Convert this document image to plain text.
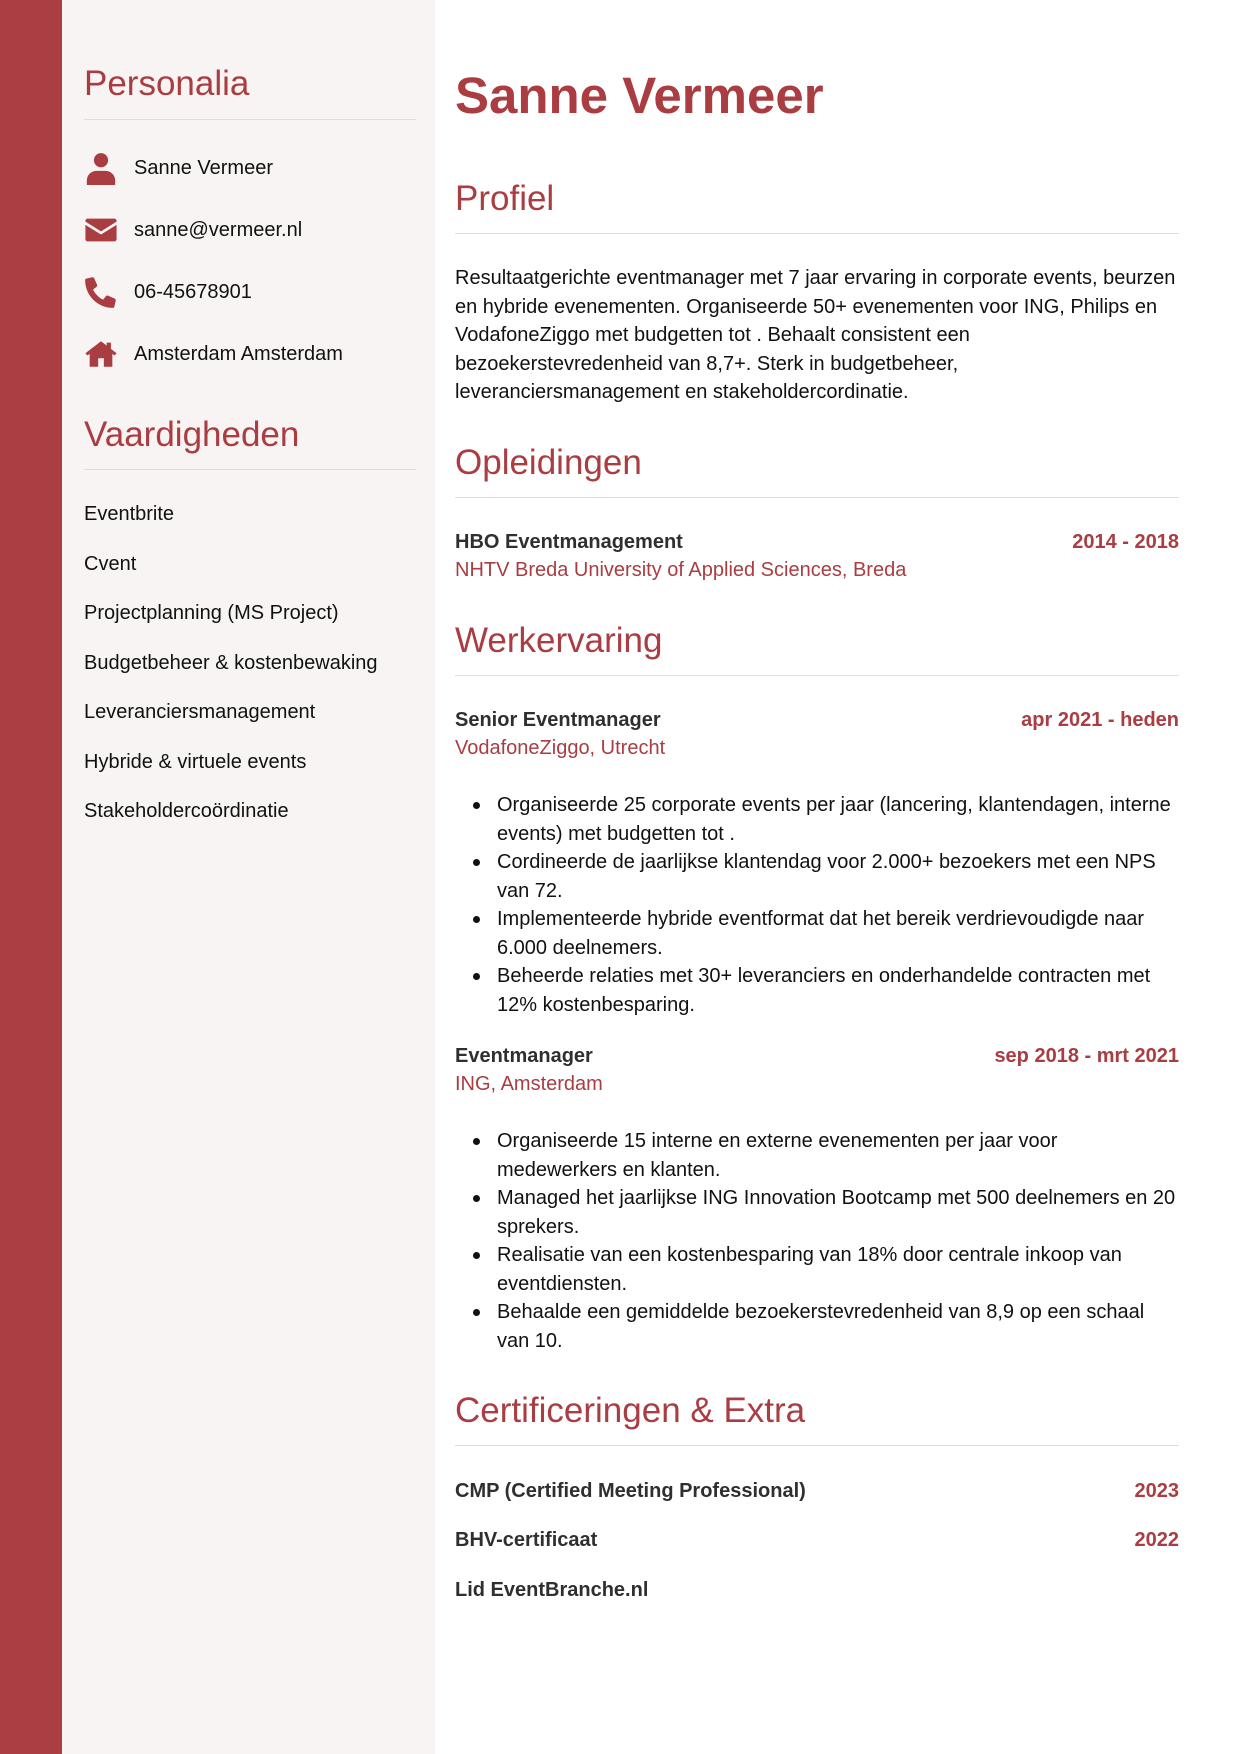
Personalia
Sanne Vermeer
sanne@vermeer.nl
06-45678901
Amsterdam Amsterdam
Vaardigheden
Eventbrite
Cvent
Projectplanning (MS Project)
Budgetbeheer & kostenbewaking
Leveranciersmanagement
Hybride & virtuele events
Stakeholdercoördinatie
Sanne Vermeer
Profiel

Resultaatgerichte eventmanager met 7 jaar ervaring in corporate events, beurzen en hybride evenementen. Organiseerde 50+ evenementen voor ING, Philips en VodafoneZiggo met budgetten tot . Behaalt consistent een bezoekerstevredenheid van 8,7+. Sterk in budgetbeheer, leveranciersmanagement en stakeholdercordinatie.

Opleidingen
HBO Eventmanagement	2014 - 2018
NHTV Breda University of Applied Sciences, Breda
Werkervaring
Senior Eventmanager	apr 2021 - heden
VodafoneZiggo, Utrecht
Organiseerde 25 corporate events per jaar (lancering, klantendagen, interne events) met budgetten tot .
Cordineerde de jaarlijkse klantendag voor 2.000+ bezoekers met een NPS van 72.
Implementeerde hybride eventformat dat het bereik verdrievoudigde naar 6.000 deelnemers.
Beheerde relaties met 30+ leveranciers en onderhandelde contracten met 12% kostenbesparing.
Eventmanager	sep 2018 - mrt 2021
ING, Amsterdam
Organiseerde 15 interne en externe evenementen per jaar voor medewerkers en klanten.
Managed het jaarlijkse ING Innovation Bootcamp met 500 deelnemers en 20 sprekers.
Realisatie van een kostenbesparing van 18% door centrale inkoop van eventdiensten.
Behaalde een gemiddelde bezoekerstevredenheid van 8,9 op een schaal van 10.
Certificeringen & Extra
CMP (Certified Meeting Professional)	2023
BHV-certificaat	2022
Lid EventBranche.nl
